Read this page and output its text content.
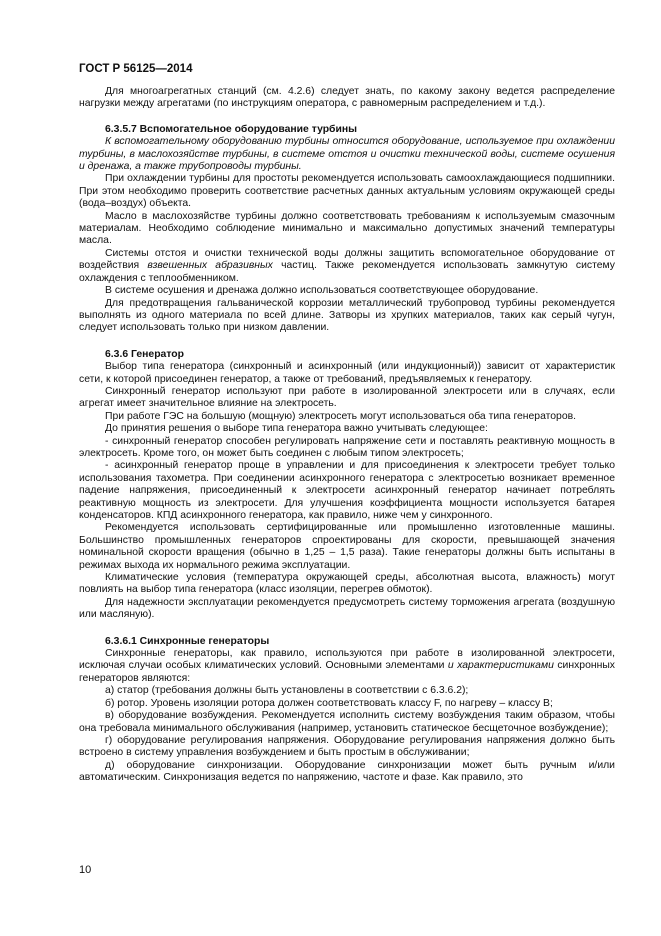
ГОСТ Р 56125—2014

Для многоагрегатных станций (см. 4.2.6) следует знать, по какому закону ведется распределение нагрузки между агрегатами (по инструкциям оператора, с равномерным распределением и т.д.).

6.3.5.7 Вспомогательное оборудование турбины

К вспомогательному оборудованию турбины относится оборудование, используемое при охлаждении турбины, в маслохозяйстве турбины, в системе отстоя и очистки технической воды, системе осушения и дренажа, а также трубопроводы турбины.

При охлаждении турбины для простоты рекомендуется использовать самоохлаждающиеся подшипники. При этом необходимо проверить соответствие расчетных данных актуальным условиям окружающей среды (вода–воздух) объекта.

Масло в маслохозяйстве турбины должно соответствовать требованиям к используемым смазочным материалам. Необходимо соблюдение минимально и максимально допустимых значений температуры масла.

Системы отстоя и очистки технической воды должны защитить вспомогательное оборудование от воздействия взвешенных абразивных частиц. Также рекомендуется использовать замкнутую систему охлаждения с теплообменником.

В системе осушения и дренажа должно использоваться соответствующее оборудование.

Для предотвращения гальванической коррозии металлический трубопровод турбины рекомендуется выполнять из одного материала по всей длине. Затворы из хрупких материалов, таких как серый чугун, следует использовать только при низком давлении.

6.3.6 Генератор

Выбор типа генератора (синхронный и асинхронный (или индукционный)) зависит от характеристик сети, к которой присоединен генератор, а также от требований, предъявляемых к генератору.

Синхронный генератор используют при работе в изолированной электросети или в случаях, если агрегат имеет значительное влияние на электросеть.

При работе ГЭС на большую (мощную) электросеть могут использоваться оба типа генераторов.

До принятия решения о выборе типа генератора важно учитывать следующее:

- синхронный генератор способен регулировать напряжение сети и поставлять реактивную мощность в электросеть. Кроме того, он может быть соединен с любым типом электросеть;

- асинхронный генератор проще в управлении и для присоединения к электросети требует только использования тахометра. При соединении асинхронного генератора с электросетью возникает временное падение напряжения, присоединенный к электросети асинхронный генератор начинает потреблять реактивную мощность из электросети. Для улучшения коэффициента мощности используется батарея конденсаторов. КПД асинхронного генератора, как правило, ниже чем у синхронного.

Рекомендуется использовать сертифицированные или промышленно изготовленные машины. Большинство промышленных генераторов спроектированы для скорости, превышающей значения номинальной скорости вращения (обычно в 1,25 – 1,5 раза). Такие генераторы должны быть испытаны в режимах выхода их нормального режима эксплуатации.

Климатические условия (температура окружающей среды, абсолютная высота, влажность) могут повлиять на выбор типа генератора (класс изоляции, перегрев обмоток).

Для надежности эксплуатации рекомендуется предусмотреть систему торможения агрегата (воздушную или масляную).

6.3.6.1 Синхронные генераторы

Синхронные генераторы, как правило, используются при работе в изолированной электросети, исключая случаи особых климатических условий. Основными элементами и характеристиками синхронных генераторов являются:

а) статор (требования должны быть установлены в соответствии с 6.3.6.2);

б) ротор. Уровень изоляции ротора должен соответствовать классу F, по нагреву – классу B;

в) оборудование возбуждения. Рекомендуется исполнить систему возбуждения таким образом, чтобы она требовала минимального обслуживания (например, установить статическое бесщеточное возбуждение);

г) оборудование регулирования напряжения. Оборудование регулирования напряжения должно быть встроено в систему управления возбуждением и быть простым в обслуживании;

д) оборудование синхронизации. Оборудование синхронизации может быть ручным и/или автоматическим. Синхронизация ведется по напряжению, частоте и фазе. Как правило, это

10
